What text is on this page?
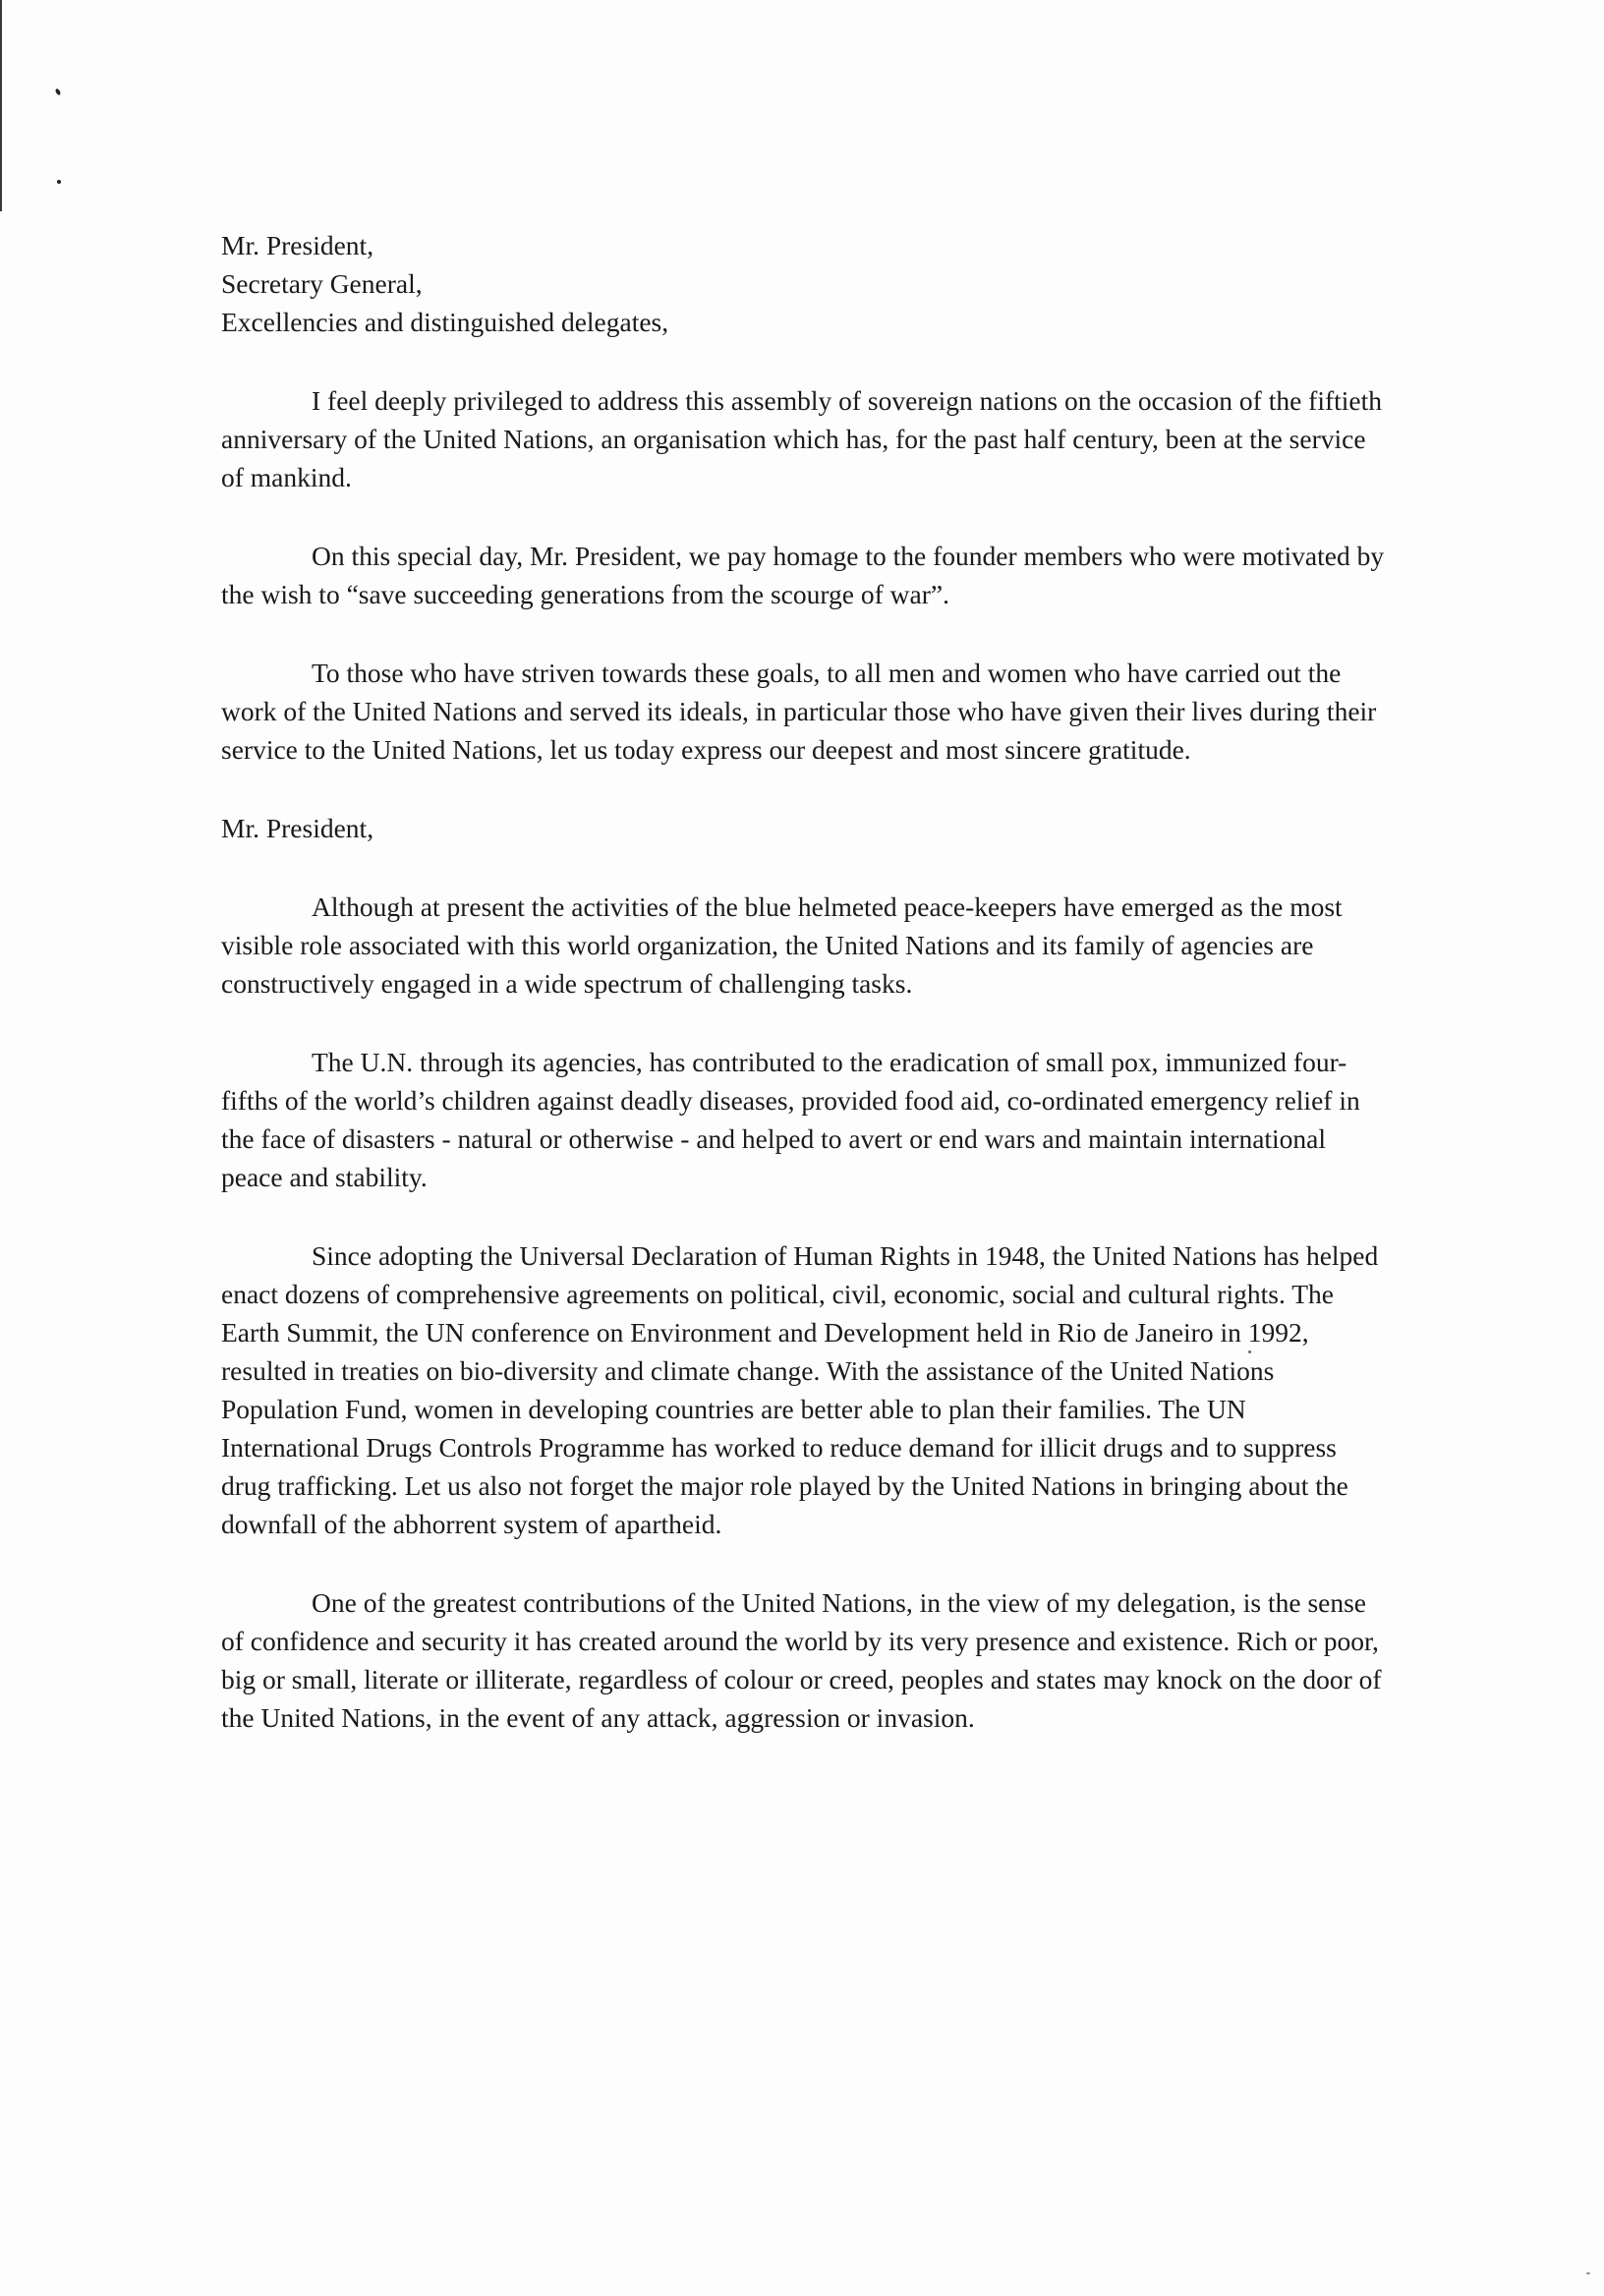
Mr. President,
Secretary General,
Excellencies and distinguished delegates,

I feel deeply privileged to address this assembly of sovereign nations on the occasion of the fiftieth anniversary of the United Nations, an organisation which has, for the past half century, been at the service of mankind.

On this special day, Mr. President, we pay homage to the founder members who were motivated by the wish to “save succeeding generations from the scourge of war”.

To those who have striven towards these goals, to all men and women who have carried out the work of the United Nations and served its ideals, in particular those who have given their lives during their service to the United Nations, let us today express our deepest and most sincere gratitude.

Mr. President,

Although at present the activities of the blue helmeted peace-keepers have emerged as the most visible role associated with this world organization, the United Nations and its family of agencies are constructively engaged in a wide spectrum of challenging tasks.

The U.N. through its agencies, has contributed to the eradication of small pox, immunized four-fifths of the world’s children against deadly diseases, provided food aid, co-ordinated emergency relief in the face of disasters - natural or otherwise - and helped to avert or end wars and maintain international peace and stability.

Since adopting the Universal Declaration of Human Rights in 1948, the United Nations has helped enact dozens of comprehensive agreements on political, civil, economic, social and cultural rights. The Earth Summit, the UN conference on Environment and Development held in Rio de Janeiro in 1992, resulted in treaties on bio-diversity and climate change. With the assistance of the United Nations Population Fund, women in developing countries are better able to plan their families. The UN International Drugs Controls Programme has worked to reduce demand for illicit drugs and to suppress drug trafficking. Let us also not forget the major role played by the United Nations in bringing about the downfall of the abhorrent system of apartheid.

One of the greatest contributions of the United Nations, in the view of my delegation, is the sense of confidence and security it has created around the world by its very presence and existence. Rich or poor, big or small, literate or illiterate, regardless of colour or creed, peoples and states may knock on the door of the United Nations, in the event of any attack, aggression or invasion.
